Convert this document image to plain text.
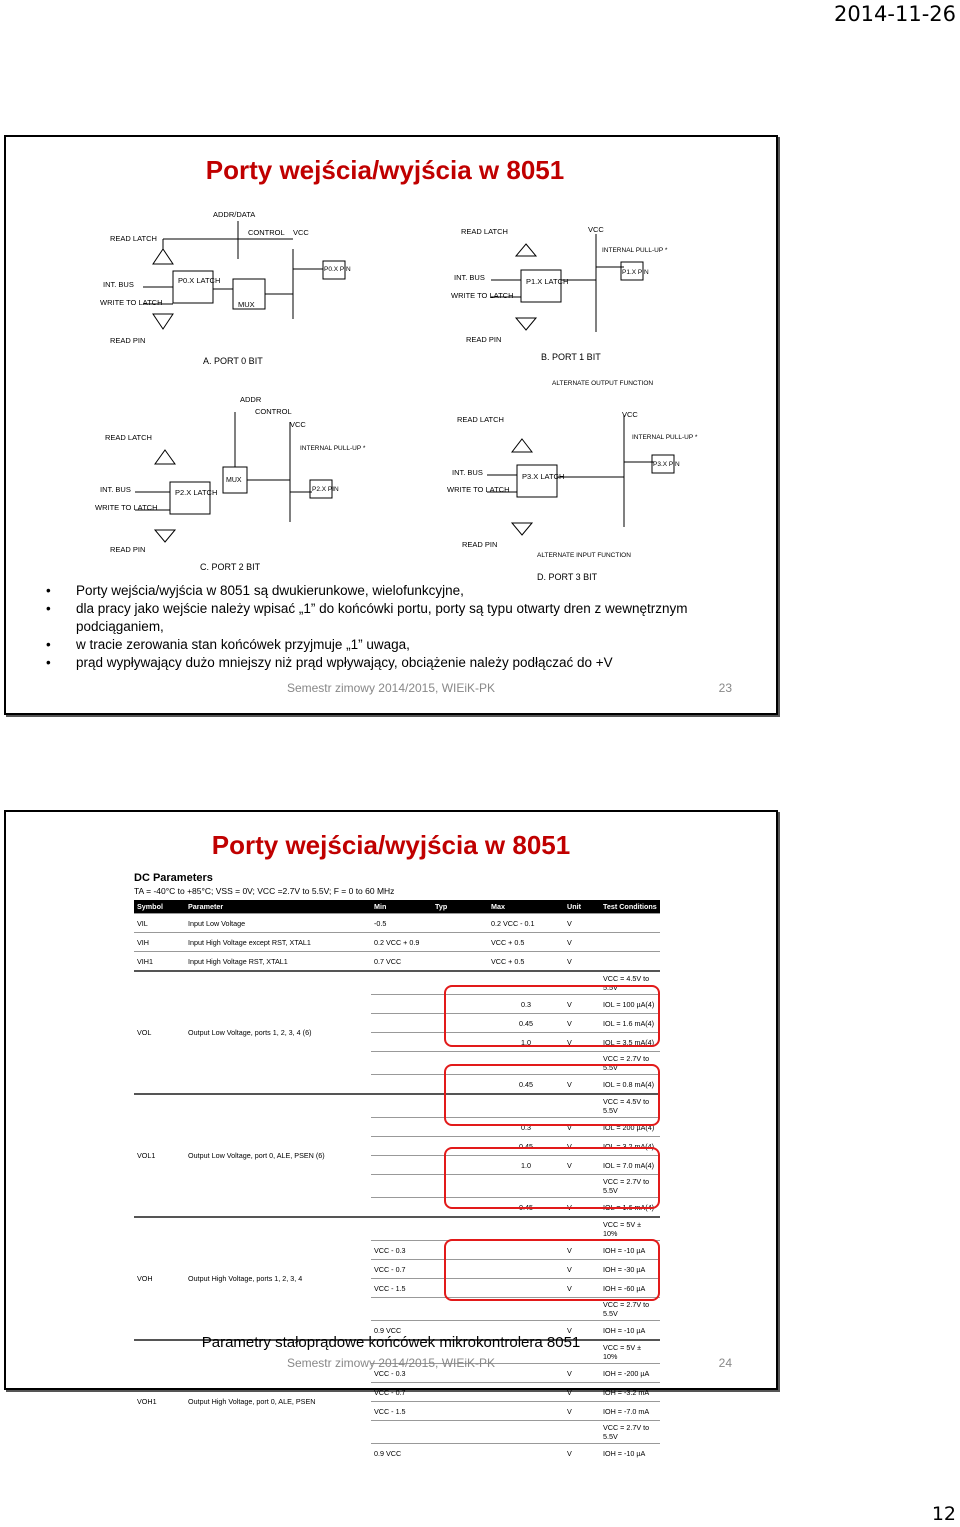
2014-11-26
Porty wejścia/wyjścia w 8051
ADDR/DATA
CONTROL VCC
READ LATCH
INT. BUS
WRITE TO LATCH
READ PIN
P0.X LATCH
MUX
P0.X PIN
A. PORT 0 BIT
READ LATCH
INT. BUS
WRITE TO LATCH
READ PIN
P1.X LATCH
VCC
INTERNAL PULL-UP *
P1.X PIN
B. PORT 1 BIT
ADDR
CONTROL
VCC
INTERNAL PULL-UP *
READ LATCH
INT. BUS
WRITE TO LATCH
READ PIN
P2.X LATCH
MUX
P2.X PIN
C. PORT 2 BIT
ALTERNATE OUTPUT FUNCTION
VCC
INTERNAL PULL-UP *
READ LATCH
INT. BUS
WRITE TO LATCH
READ PIN
P3.X LATCH
P3.X PIN
ALTERNATE INPUT FUNCTION
D. PORT 3 BIT
• Porty wejścia/wyjścia w 8051 są dwukierunkowe, wielofunkcyjne,
• dla pracy jako wejście należy wpisać „1” do końcówki portu, porty są typu otwarty dren z wewnętrznym podciąganiem,
• w tracie zerowania stan końcówek przyjmuje „1” uwaga,
• prąd wypływający dużo mniejszy niż prąd wpływający, obciążenie należy podłączać do +V
Semestr zimowy 2014/2015, WIEiK-PK	23
Porty wejścia/wyjścia w 8051
DC Parameters
TA = -40°C to +85°C; VSS = 0V; VCC =2.7V to 5.5V; F = 0 to 60 MHz
Symbol	Parameter	Min	Typ	Max	Unit	Test Conditions
VIL	Input Low Voltage	-0.5		0.2 VCC - 0.1	V	
VIH	Input High Voltage except RST, XTAL1	0.2 VCC + 0.9		VCC + 0.5	V	
VIH1	Input High Voltage RST, XTAL1	0.7 VCC		VCC + 0.5	V	
VOL	Output Low Voltage, ports 1, 2, 3, 4 (6)					VCC = 4.5V to 5.5V
				0.3	V	IOL = 100 µA(4)
				0.45	V	IOL = 1.6 mA(4)
				1.0	V	IOL = 3.5 mA(4)
						VCC = 2.7V to 5.5V
				0.45	V	IOL = 0.8 mA(4)
VOL1	Output Low Voltage, port 0, ALE, PSEN (6)					VCC = 4.5V to 5.5V
				0.3	V	IOL = 200 µA(4)
				0.45	V	IOL = 3.2 mA(4)
				1.0	V	IOL = 7.0 mA(4)
						VCC = 2.7V to 5.5V
				0.45	V	IOL = 1.6 mA(4)
VOH	Output High Voltage, ports 1, 2, 3, 4					VCC = 5V ± 10%
		VCC - 0.3			V	IOH = -10 µA
		VCC - 0.7			V	IOH = -30 µA
		VCC - 1.5			V	IOH = -60 µA
						VCC = 2.7V to 5.5V
		0.9 VCC			V	IOH = -10 µA
VOH1	Output High Voltage, port 0, ALE, PSEN					VCC = 5V ± 10%
		VCC - 0.3			V	IOH = -200 µA
		VCC - 0.7			V	IOH = -3.2 mA
		VCC - 1.5			V	IOH = -7.0 mA
						VCC = 2.7V to 5.5V
		0.9 VCC			V	IOH = -10 µA
Parametry stałoprądowe końcówek mikrokontrolera 8051
Semestr zimowy 2014/2015, WIEiK-PK	24
12
